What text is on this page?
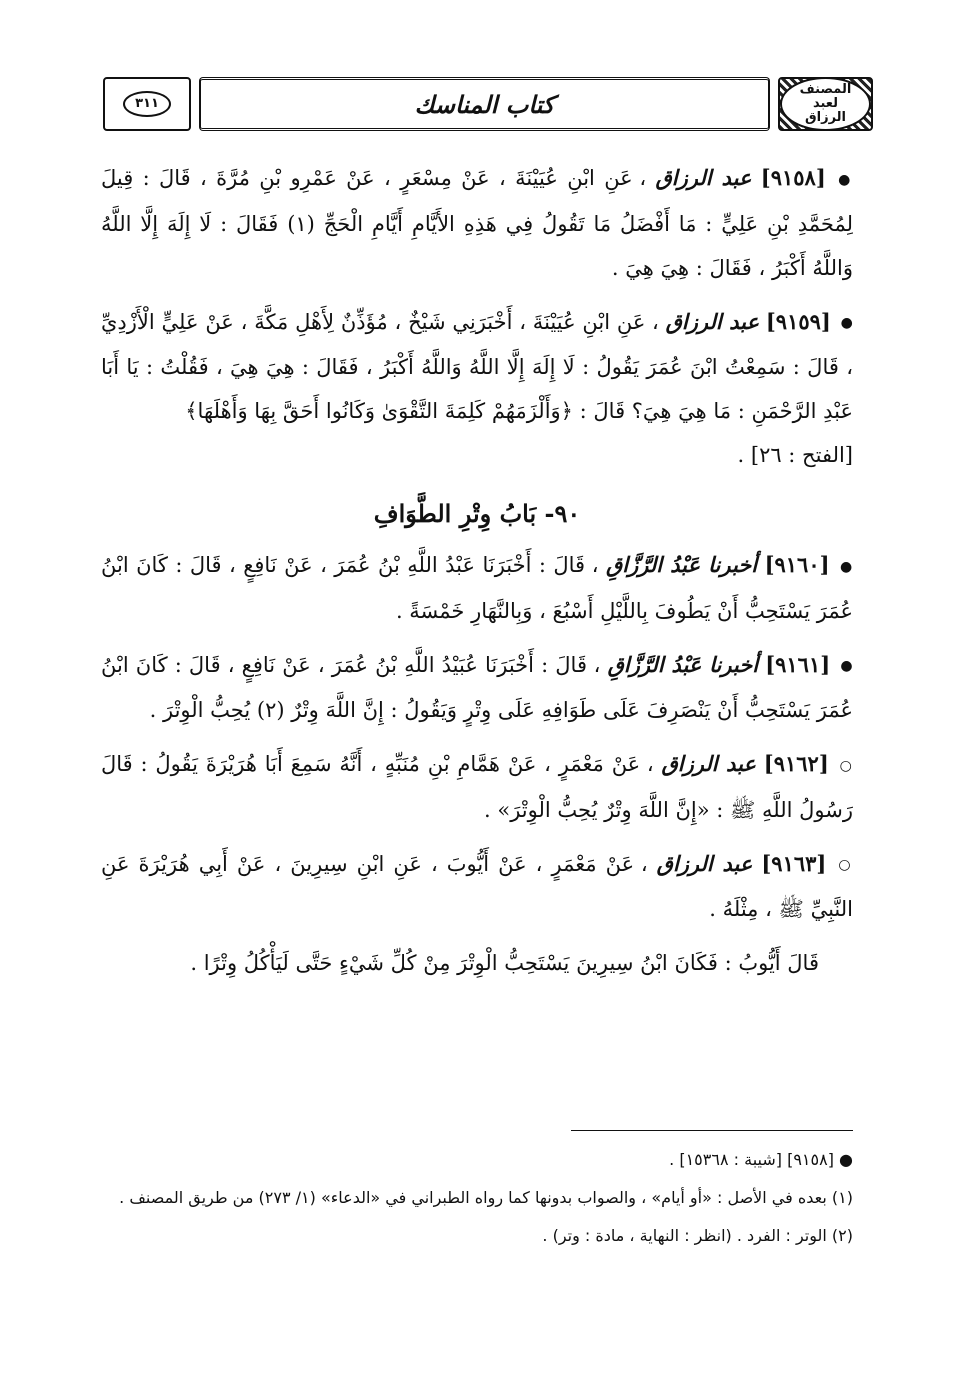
المصنف لعبد الرزاق
كتاب المناسك
٣١١

● [٩١٥٨] عبد الرزاق ، عَنِ ابْنِ عُيَيْنَةَ ، عَنْ مِسْعَرٍ ، عَنْ عَمْرِو بْنِ مُرَّةَ ، قَالَ : قِيلَ لِمُحَمَّدِ بْنِ عَلِيٍّ : مَا أَفْضَلُ مَا تَقُولُ فِي هَذِهِ الأَيَّامِ أَيَّامِ الْحَجِّ (١) فَقَالَ : لَا إِلَهَ إِلَّا اللَّهُ وَاللَّهُ أَكْبَرُ ، فَقَالَ : هِيَ هِيَ .

● [٩١٥٩] عبد الرزاق ، عَنِ ابْنِ عُيَيْنَةَ ، أَخْبَرَنِي شَيْخٌ ، مُؤَذِّنٌ لِأَهْلِ مَكَّةَ ، عَنْ عَلِيٍّ الْأَزْدِيِّ ، قَالَ : سَمِعْتُ ابْنَ عُمَرَ يَقُولُ : لَا إِلَهَ إِلَّا اللَّهُ وَاللَّهُ أَكْبَرُ ، فَقَالَ : هِيَ هِيَ ، فَقُلْتُ : يَا أَبَا عَبْدِ الرَّحْمَنِ : مَا هِيَ هِيَ؟ قَالَ : ﴿وَأَلْزَمَهُمْ كَلِمَةَ التَّقْوَىٰ وَكَانُوا أَحَقَّ بِهَا وَأَهْلَهَا﴾
[الفتح : ٢٦] .

٩٠- بَابُ وِتْرِ الطَّوَافِ

● [٩١٦٠] أخبرنا عَبْدُ الرَّزَّاقِ ، قَالَ : أَخْبَرَنَا عَبْدُ اللَّهِ بْنُ عُمَرَ ، عَنْ نَافِعٍ ، قَالَ : كَانَ ابْنُ عُمَرَ يَسْتَحِبُّ أَنْ يَطُوفَ بِاللَّيْلِ أَسْبُعَ ، وَبِالنَّهَارِ خَمْسَةً .

● [٩١٦١] أخبرنا عَبْدُ الرَّزَّاقِ ، قَالَ : أَخْبَرَنَا عُبَيْدُ اللَّهِ بْنُ عُمَرَ ، عَنْ نَافِعٍ ، قَالَ : كَانَ ابْنُ عُمَرَ يَسْتَحِبُّ أَنْ يَنْصَرِفَ عَلَى طَوَافِهِ عَلَى وِتْرٍ وَيَقُولُ : إِنَّ اللَّهَ وِتْرٌ (٢) يُحِبُّ الْوِتْرَ .

○ [٩١٦٢] عبد الرزاق ، عَنْ مَعْمَرٍ ، عَنْ هَمَّامِ بْنِ مُنَبِّهٍ ، أَنَّهُ سَمِعَ أَبَا هُرَيْرَةَ يَقُولُ : قَالَ رَسُولُ اللَّهِ ﷺ : «إِنَّ اللَّهَ وِتْرٌ يُحِبُّ الْوِتْرَ» .

○ [٩١٦٣] عبد الرزاق ، عَنْ مَعْمَرٍ ، عَنْ أَيُّوبَ ، عَنِ ابْنِ سِيرِينَ ، عَنْ أَبِي هُرَيْرَةَ عَنِ النَّبِيِّ ﷺ ، مِثْلَهُ .

قَالَ أَيُّوبُ : فَكَانَ ابْنُ سِيرِينَ يَسْتَحِبُّ الْوِتْرَ مِنْ كُلِّ شَيْءٍ حَتَّى لَيَأْكُلُ وِتْرًا .

● [٩١٥٨] [شيبة : ١٥٣٦٨] .
(١) بعده في الأصل : «أو أيام» ، والصواب بدونها كما رواه الطبراني في «الدعاء» (١/ ٢٧٣) من طريق المصنف .
(٢) الوتر : الفرد . (انظر : النهاية ، مادة : وتر) .
